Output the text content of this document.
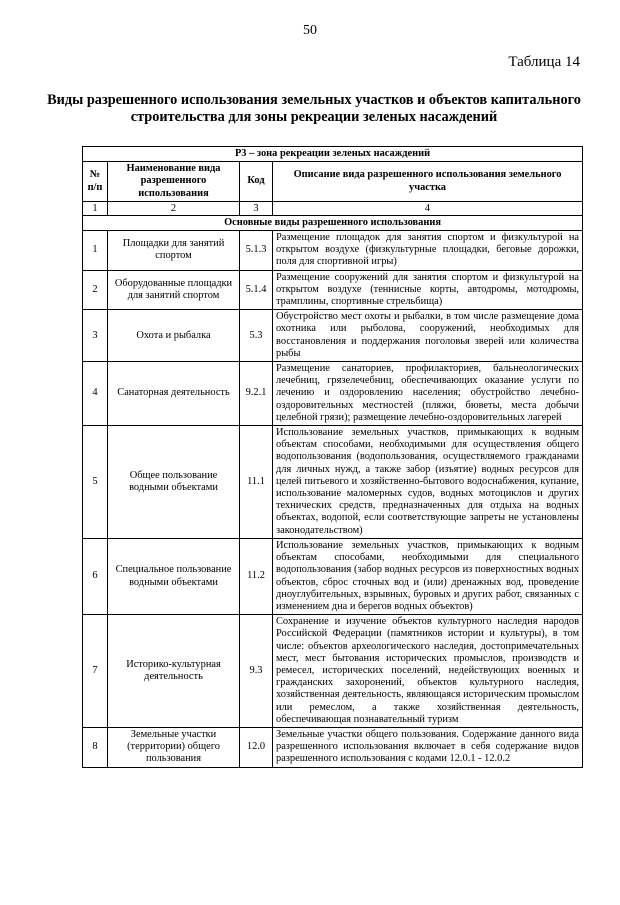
50
Таблица 14
Виды разрешенного использования земельных участков и объектов капитального строительства для зоны рекреации зеленых насаждений
Р3 – зона рекреации зеленых насаждений			
№ п/п	Наименование вида разрешенного использования	Код	Описание вида разрешенного использования земельного участка
1	2	3	4
Основные виды разрешенного использования			
1	Площадки для занятий спортом	5.1.3	Размещение площадок для занятия спортом и физкультурой на открытом воздухе (физкультурные площадки, беговые дорожки, поля для спортивной игры)
2	Оборудованные площадки для занятий спортом	5.1.4	Размещение сооружений для занятия спортом и физкультурой на открытом воздухе (теннисные корты, автодромы, мотодромы, трамплины, спортивные стрельбища)
3	Охота и рыбалка	5.3	Обустройство мест охоты и рыбалки, в том числе размещение дома охотника или рыболова, сооружений, необходимых для восстановления и поддержания поголовья зверей или количества рыбы
4	Санаторная деятельность	9.2.1	Размещение санаториев, профилакториев, бальнеологических лечебниц, грязелечебниц, обеспечивающих оказание услуги по лечению и оздоровлению населения; обустройство лечебно-оздоровительных местностей (пляжи, бюветы, места добычи целебной грязи); размещение лечебно-оздоровительных лагерей
5	Общее пользование водными объектами	11.1	Использование земельных участков, примыкающих к водным объектам способами, необходимыми для осуществления общего водопользования (водопользования, осуществляемого гражданами для личных нужд, а также забор (изъятие) водных ресурсов для целей питьевого и хозяйственно-бытового водоснабжения, купание, использование маломерных судов, водных мотоциклов и других технических средств, предназначенных для отдыха на водных объектах, водопой, если соответствующие запреты не установлены законодательством)
6	Специальное пользование водными объектами	11.2	Использование земельных участков, примыкающих к водным объектам способами, необходимыми для специального водопользования (забор водных ресурсов из поверхностных водных объектов, сброс сточных вод и (или) дренажных вод, проведение дноуглубительных, взрывных, буровых и других работ, связанных с изменением дна и берегов водных объектов)
7	Историко-культурная деятельность	9.3	Сохранение и изучение объектов культурного наследия народов Российской Федерации (памятников истории и культуры), в том числе: объектов археологического наследия, достопримечательных мест, мест бытования исторических промыслов, производств и ремесел, исторических поселений, недействующих военных и гражданских захоронений, объектов культурного наследия, хозяйственная деятельность, являющаяся историческим промыслом или ремеслом, а также хозяйственная деятельность, обеспечивающая познавательный туризм
8	Земельные участки (территории) общего пользования	12.0	Земельные участки общего пользования. Содержание данного вида разрешенного использования включает в себя содержание видов разрешенного использования с кодами 12.0.1 - 12.0.2
